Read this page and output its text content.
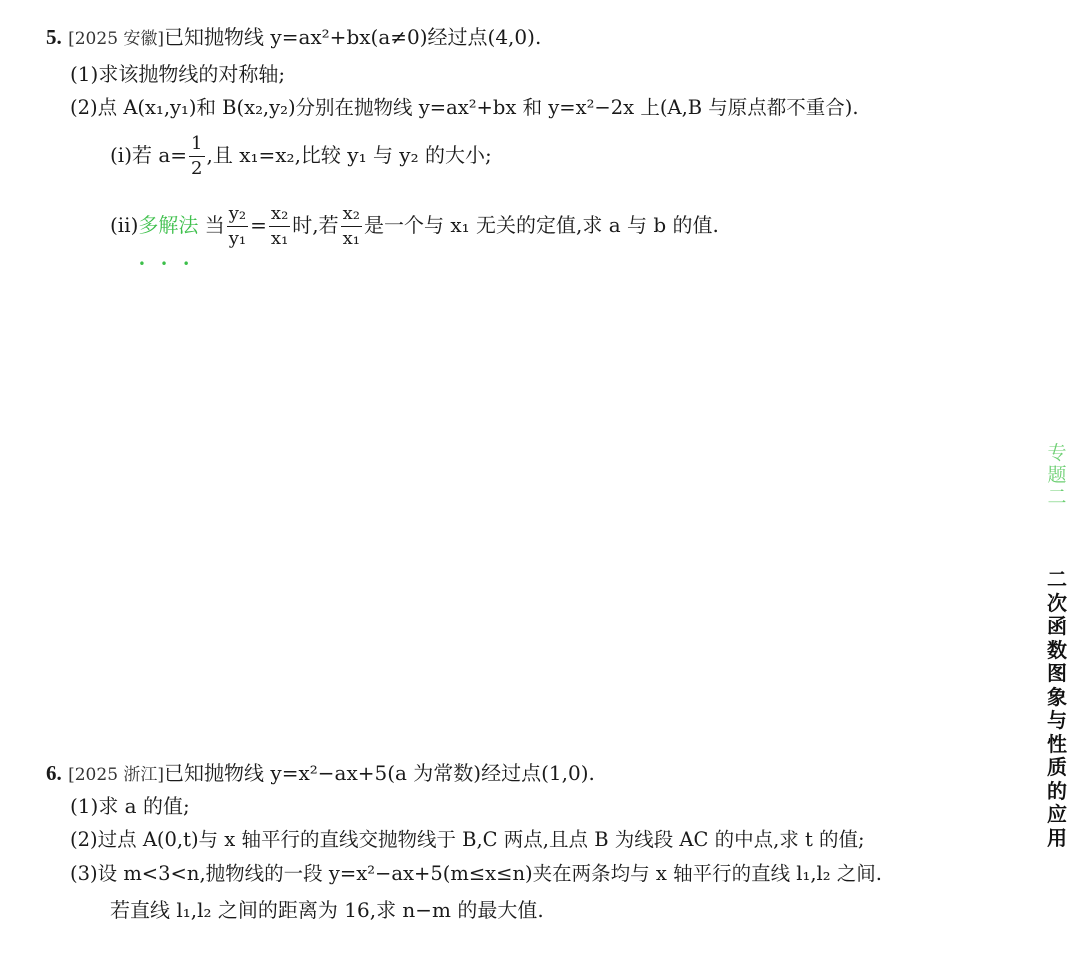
5. [2025 安徽]已知抛物线 y=ax²+bx(a≠0)经过点(4,0).
(1)求该抛物线的对称轴;
(2)点 A(x₁,y₁)和 B(x₂,y₂)分别在抛物线 y=ax²+bx 和 y=x²−2x 上(A,B 与原点都不重合).
(ⅰ)若 $a= \frac{1}{2}$ ,且 x₁=x₂,比较 y₁ 与 y₂ 的大小;
(ⅱ)多解法
•••
当 $\frac{\text{y₂}}{\text{y₁}} = \frac{\text{x₂}}{\text{x₁}}$ 时,若 $\frac{\text{x₂}}{\text{x₁}}$ 是一个与 x₁ 无关的定值,求 a 与 b 的值.
6. [2025 浙江]已知抛物线 y=x²−ax+5(a 为常数)经过点(1,0).
(1)求 a 的值;
(2)过点 A(0,t)与 x 轴平行的直线交抛物线于 B,C 两点,且点 B 为线段 AC 的中点,求 t 的值;
(3)设 m<3<n,抛物线的一段 y=x²−ax+5(m≤x≤n)夹在两条均与 x 轴平行的直线 l₁,l₂ 之间.
若直线 l₁,l₂ 之间的距离为 16,求 n−m 的最大值.
专
题
二
二
次
函
数
图
象
与
性
质
的
应
用
